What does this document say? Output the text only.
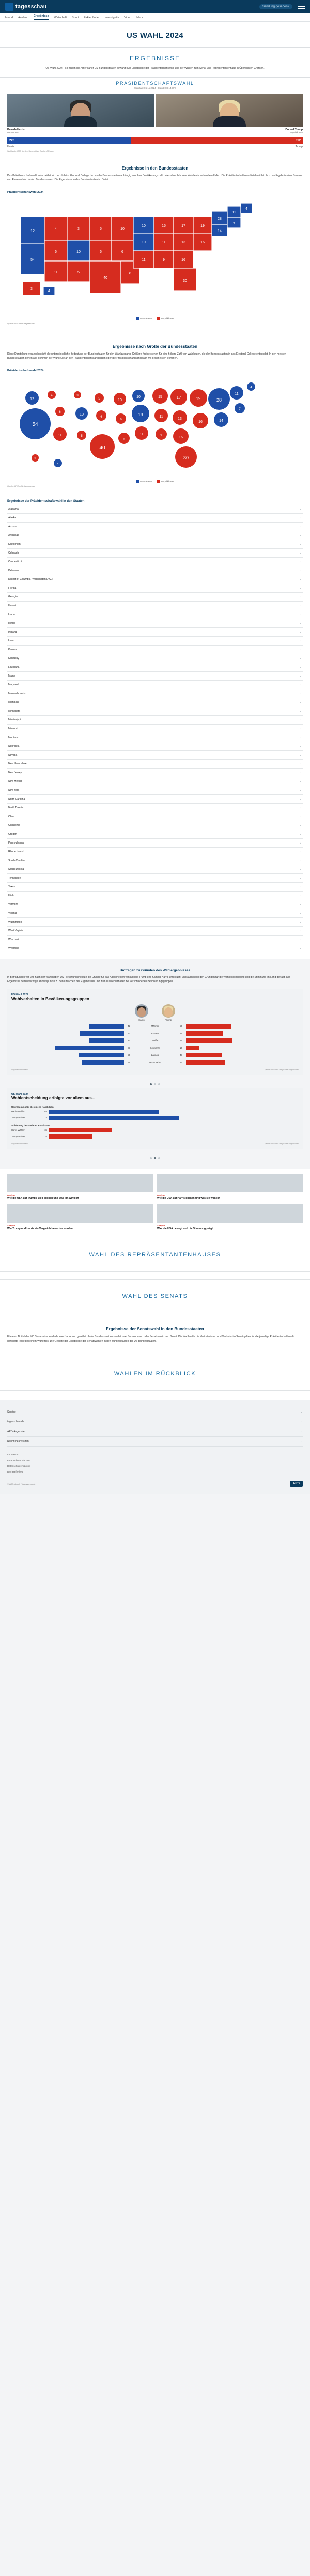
tagesschau	Sendung gesehen?
Inland Ausland Ergebnisse Wirtschaft Sport Faktenfinder Investigativ Video Mehr
US WAHL 2024
ERGEBNISSE
US-Wahl 2024 - So haben die Amerikaner US-Bundesstaaten gewählt: Die Ergebnisse der Präsidentschaftswahl und der Wahlen zum Senat und Repräsentantenhaus in Übersichten Grafiken.
PRÄSIDENTSCHAFTSWAHL
Wahltag: 05.11.2024 | Stand: 08:14 Uhr
Kamala Harris
Demokraten
Donald Trump
Republikaner
226	312
Harris	Trump
Wahlleute (270 für den Sieg nötig). Quelle: AP/dpa
Ergebnisse in den Bundesstaaten
Das Präsidentschaftswahl entscheidet sich letztlich im Electoral College. In das die Bundesstaaten abhängig von ihrer Bevölkerungszahl unterschiedlich viele Wahlleute entsenden dürfen. Die Präsidentschaftswahl ist damit letztlich das Ergebnis einer Summe von Einzelwahlen in den Bundesstaaten. Die Ergebnisse in den Bundesstaaten im Detail.
Präsidentschaftswahl 2024
12
54
4
6
11
3
10
5
5
6
40
10
6
8
10
19
11
15
11
9
17
13
16
30
19
16
28
14
11
7
4
3
4
Demokraten	Republikaner
Quelle: AP/Grafik: tagesschau
Ergebnisse nach Größe der Bundesstaaten
Diese Darstellung veranschaulicht die unterschiedliche Bedeutung der Bundesstaaten für den Wahlausgang: Größere Kreise stehen für eine höhere Zahl von Wahlleuten, die der Bundesstaaten in das Electoral College entsendet. In den meisten Bundesstaaten gehen alle Stimmen der Wahlleute an den Präsidentschaftskandidaten oder die Präsidentschaftskandidatin mit den meisten Stimmen.
Präsidentschaftswahl 2024
54
12
4
6
11
3
10
5
5
6
40
10
6
8
10
19
11
15
11
9
17
13
16
30
19
16
28
14
11
7
4
3
4
Demokraten	Republikaner
Quelle: AP/Grafik: tagesschau
Ergebnisse der Präsidentschaftswahl in den Staaten
Alabama	⌄
Alaska	⌄
Arizona	⌄
Arkansas	⌄
Kalifornien	⌄
Colorado	⌄
Connecticut	⌄
Delaware	⌄
District of Columbia (Washington D.C.)	⌄
Florida	⌄
Georgia	⌄
Hawaii	⌄
Idaho	⌄
Illinois	⌄
Indiana	⌄
Iowa	⌄
Kansas	⌄
Kentucky	⌄
Louisiana	⌄
Maine	⌄
Maryland	⌄
Massachusetts	⌄
Michigan	⌄
Minnesota	⌄
Mississippi	⌄
Missouri	⌄
Montana	⌄
Nebraska	⌄
Nevada	⌄
New Hampshire	⌄
New Jersey	⌄
New Mexico	⌄
New York	⌄
North Carolina	⌄
North Dakota	⌄
Ohio	⌄
Oklahoma	⌄
Oregon	⌄
Pennsylvania	⌄
Rhode Island	⌄
South Carolina	⌄
South Dakota	⌄
Tennessee	⌄
Texas	⌄
Utah	⌄
Vermont	⌄
Virginia	⌄
Washington	⌄
West Virginia	⌄
Wisconsin	⌄
Wyoming	⌄
Umfragen zu Gründen des Wahlergebnisses
In Befragungen vor und nach der Wahl haben US-Forschungsinstitute die Gründe für das Abschneiden von Donald Trump und Kamala Harris untersucht und auch nach den Gründen für die Wahlentscheidung und die Stimmung im Land gefragt. Die Ergebnisse helfen wichtige Anhaltspunkte zu den Ursachen des Ergebnisses und zum Wählerverhalten bei verschiedenen Bevölkerungsgruppen.
US-Wahl 2024
Wahlverhalten in Bevölkerungsgruppen
Harris	Trump
42	Männer	55
53	Frauen	45
42	Weiße	56
83	Schwarze	16
55	Latinos	43
51	18-29 Jahre	47
Angaben in Prozent	Quelle: AP VoteCast | Grafik: tagesschau
US-Wahl 2024
Wahlentscheidung erfolgte vor allem aus...
Überzeugung für die eigene Kandidatin
Harris-Wähler	63
Trump-Wähler	74
Ablehnung des anderen Kandidaten
Harris-Wähler	36
Trump-Wähler	25
Angaben in Prozent	Quelle: AP VoteCast | Grafik: tagesschau
Analyse
Wie die USA auf Trumps Sieg blicken und was ihn wirklich
Analyse
Wie die USA auf Harris blicken und was sie wirklich
Analyse
Wie Trump und Harris ein Vergleich bewerten wurden
Analyse
Was die USA bewegt und die Stimmung prägt
WAHL DES REPRÄSENTANTENHAUSES
WAHL DES SENATS
Ergebnisse der Senatswahl in den Bundesstaaten
Etwa ein Drittel der 100 Senatssitze wird alle zwei Jahre neu gewählt. Jeder Bundesstaat entsendet zwei Senatorinnen oder Senatoren in den Senat. Die Wahlen für die Vertreterinnen und Vertreter im Senat gelten für die jeweilige Präsidentschaftswahl geregelte Rolle bei einem Wahlkreis. Die Gebiete der Ergebnisse der Senatswahlen in den Bundesstaaten der US-Bundesstaaten.
WAHLEN IM RÜCKBLICK
Service	⌄
tagesschau.de	⌄
ARD-Angebote	⌄
Rundfunkanstalten	⌄
Impressum
Es errechnen Sie uns
Datenschutzerklärung
Barrierefreiheit
© ARD-aktuell / tagesschau.de	ARD
